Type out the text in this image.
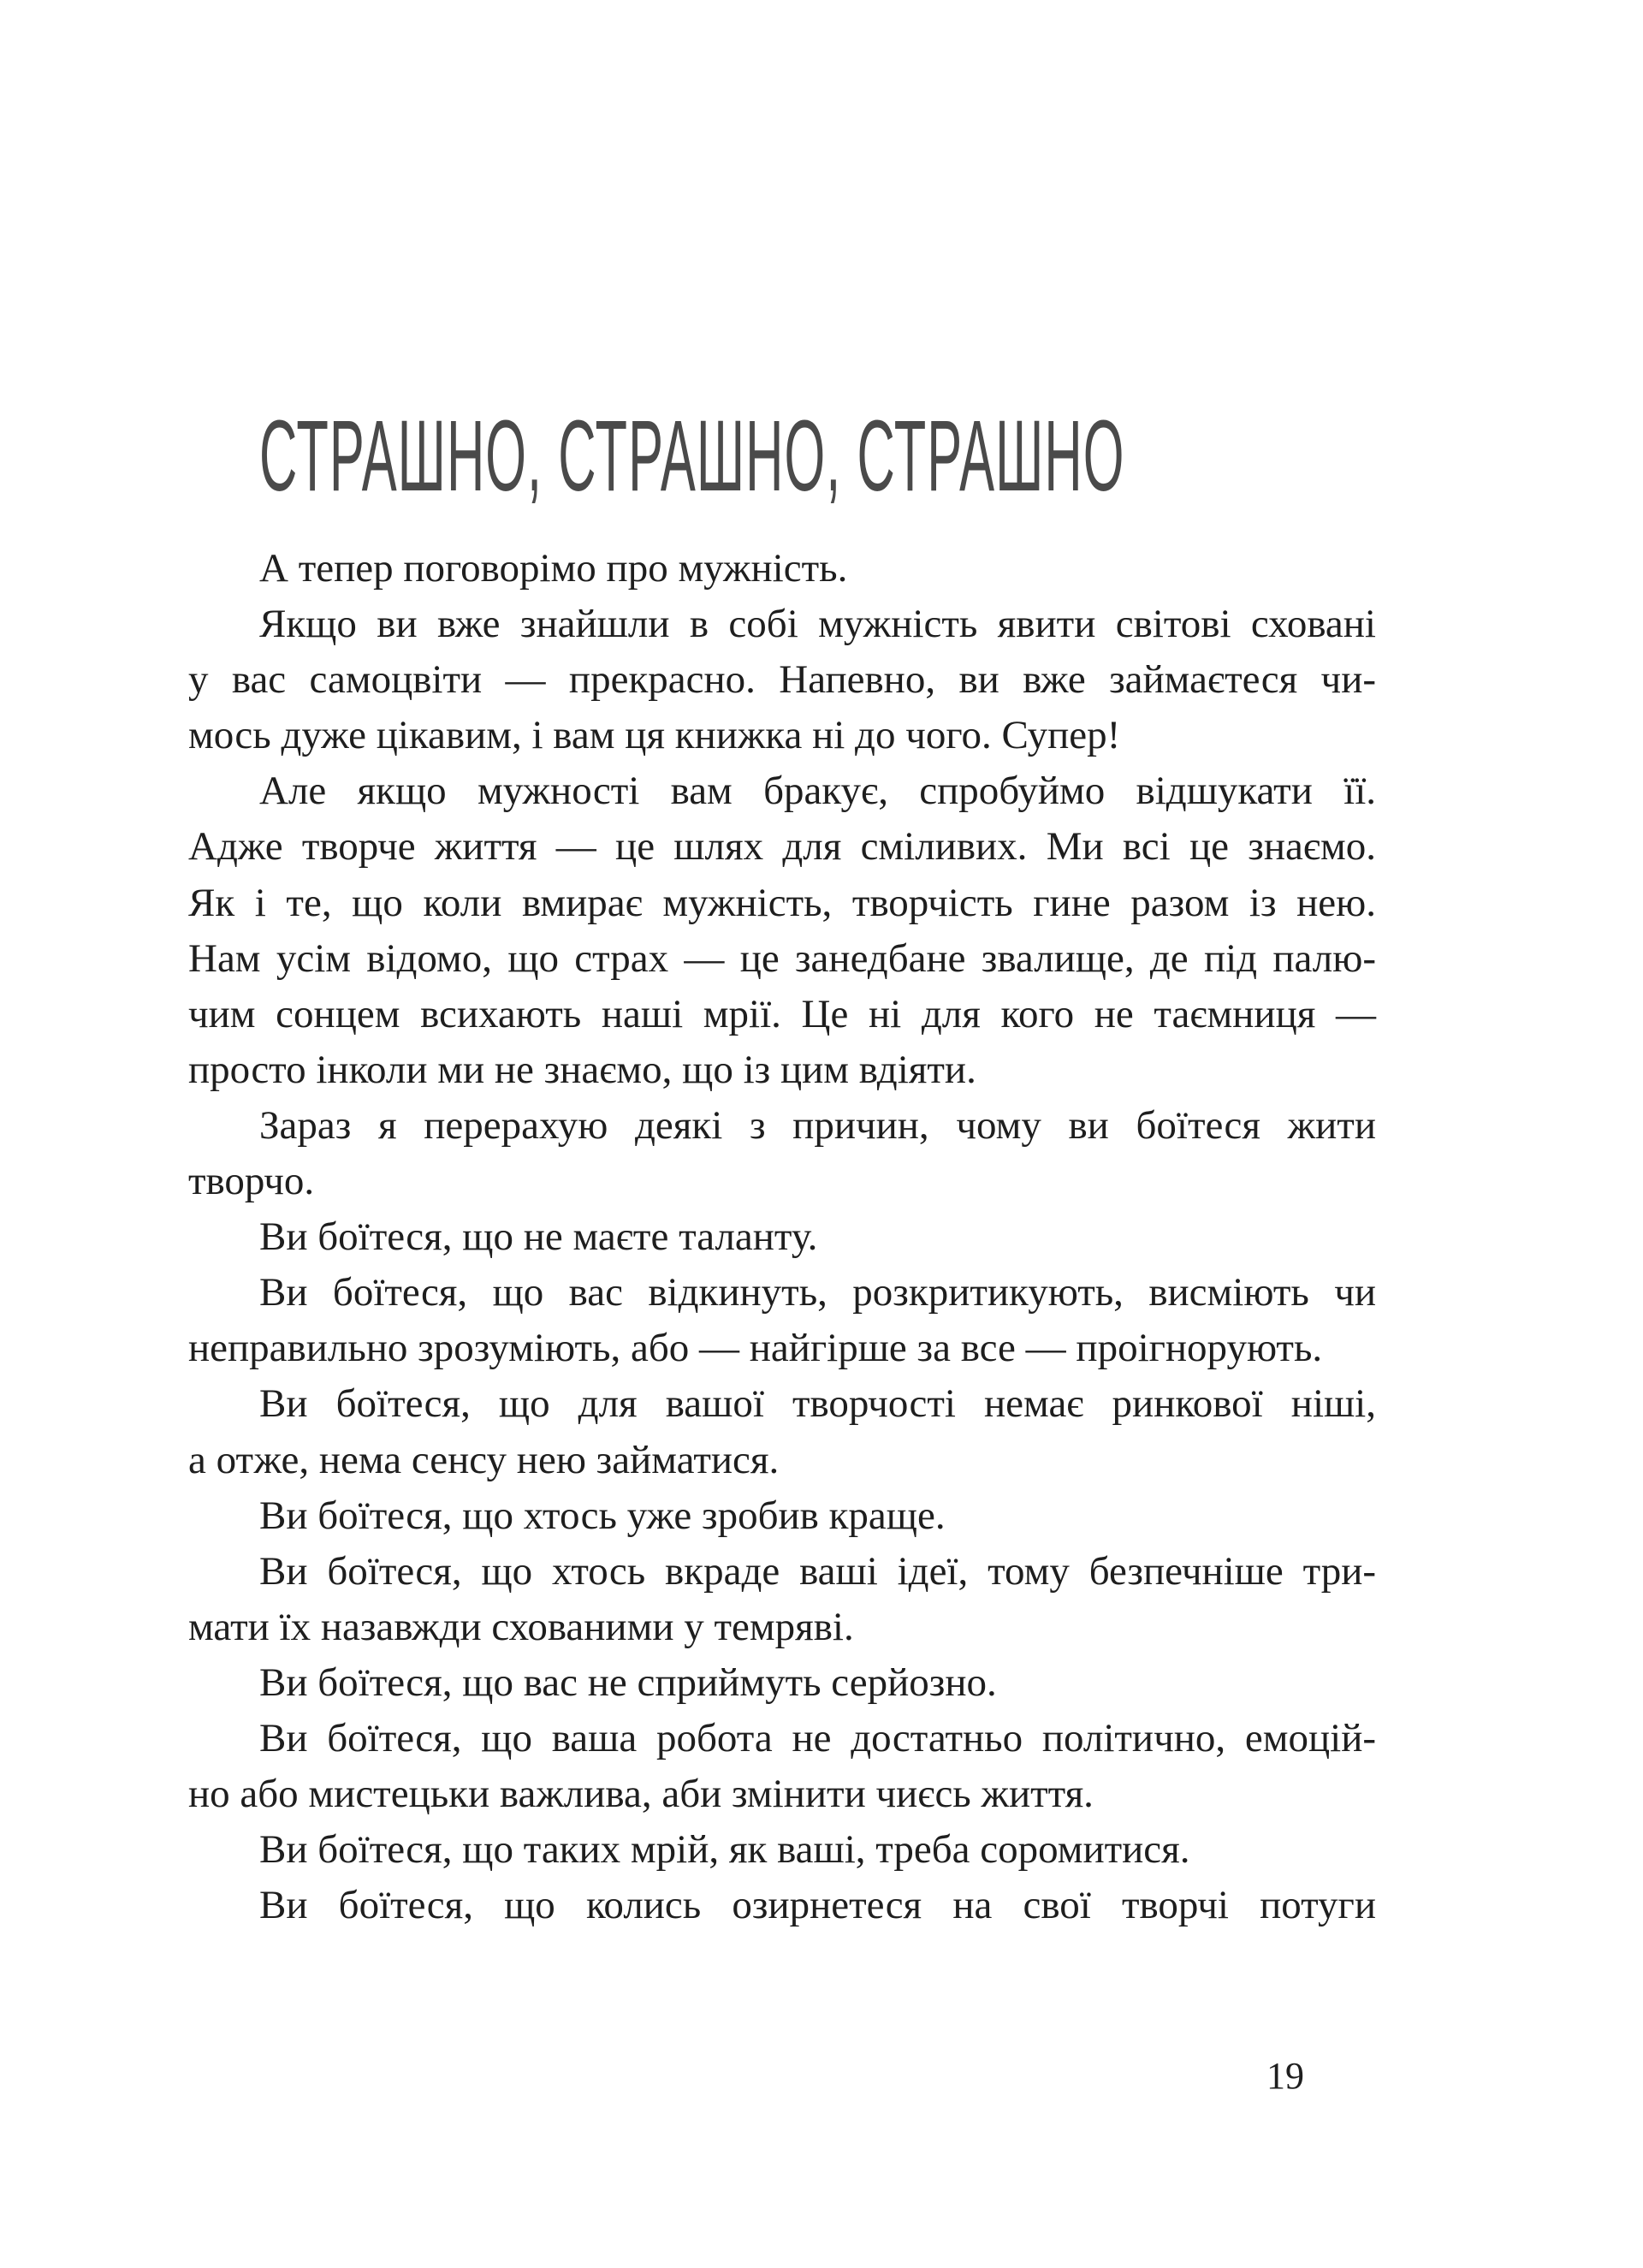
СТРАШНО, СТРАШНО, СТРАШНО
А тепер поговорімо про мужність.
Якщо ви вже знайшли в собі мужність явити світові сховані
у вас самоцвіти — прекрасно. Напевно, ви вже займаєтеся чи-
мось дуже цікавим, і вам ця книжка ні до чого. Супер!
Але якщо мужності вам бракує, спробуймо відшукати її.
Адже творче життя — це шлях для сміливих. Ми всі це знаємо.
Як і те, що коли вмирає мужність, творчість гине разом із нею.
Нам усім відомо, що страх — це занедбане звалище, де під палю-
чим сонцем всихають наші мрії. Це ні для кого не таємниця —
просто інколи ми не знаємо, що із цим вдіяти.
Зараз я перерахую деякі з причин, чому ви боїтеся жити
творчо.
Ви боїтеся, що не маєте таланту.
Ви боїтеся, що вас відкинуть, розкритикують, висміють чи
неправильно зрозуміють, або — найгірше за все — проігнорують.
Ви боїтеся, що для вашої творчості немає ринкової ніші,
а отже, нема сенсу нею займатися.
Ви боїтеся, що хтось уже зробив краще.
Ви боїтеся, що хтось вкраде ваші ідеї, тому безпечніше три-
мати їх назавжди схованими у темряві.
Ви боїтеся, що вас не сприймуть серйозно.
Ви боїтеся, що ваша робота не достатньо політично, емоцій-
но або мистецьки важлива, аби змінити чиєсь життя.
Ви боїтеся, що таких мрій, як ваші, треба соромитися.
Ви боїтеся, що колись озирнетеся на свої творчі потуги
19
